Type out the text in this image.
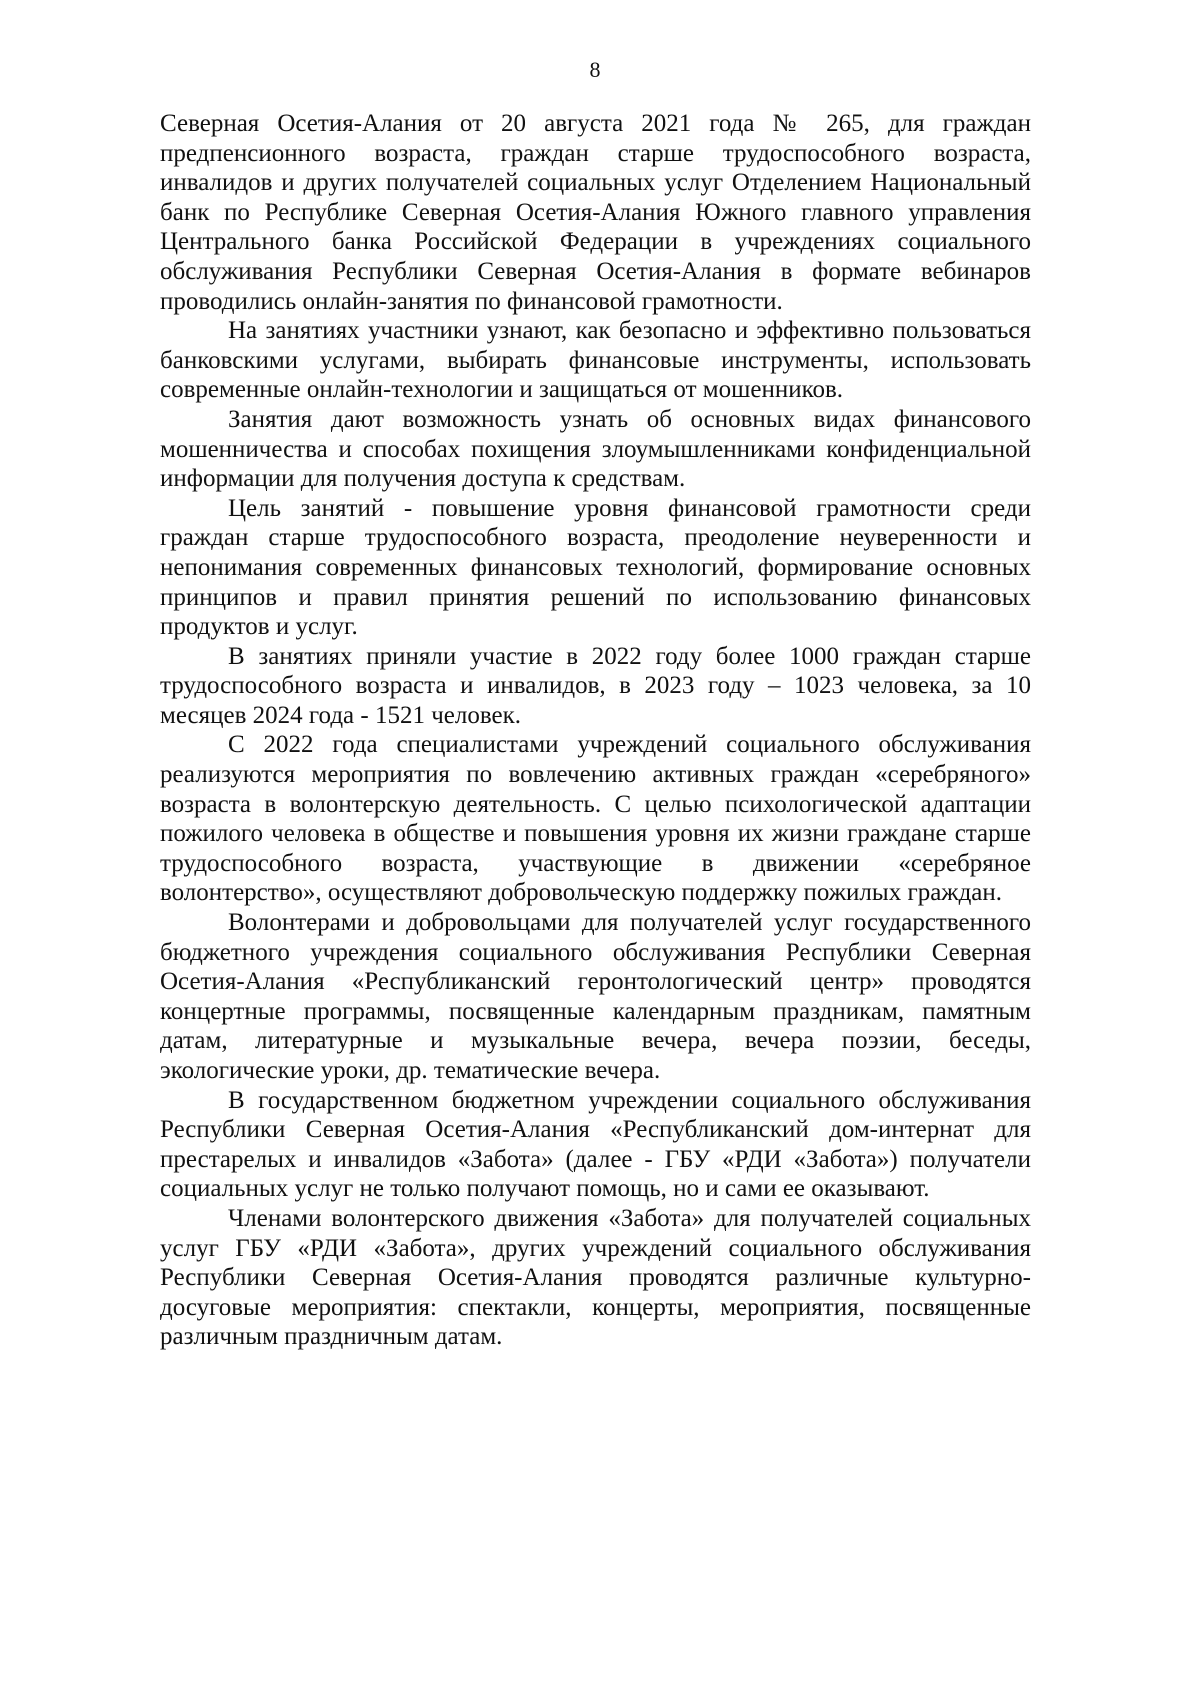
8

Северная Осетия-Алания от 20 августа 2021 года № 265, для граждан предпенсионного возраста, граждан старше трудоспособного возраста, инвалидов и других получателей социальных услуг Отделением Национальный банк по Республике Северная Осетия-Алания Южного главного управления Центрального банка Российской Федерации в учреждениях социального обслуживания Республики Северная Осетия-Алания в формате вебинаров проводились онлайн-занятия по финансовой грамотности.

На занятиях участники узнают, как безопасно и эффективно пользоваться банковскими услугами, выбирать финансовые инструменты, использовать современные онлайн-технологии и защищаться от мошенников.

Занятия дают возможность узнать об основных видах финансового мошенничества и способах похищения злоумышленниками конфиденциальной информации для получения доступа к средствам.

Цель занятий - повышение уровня финансовой грамотности среди граждан старше трудоспособного возраста, преодоление неуверенности и непонимания современных финансовых технологий, формирование основных принципов и правил принятия решений по использованию финансовых продуктов и услуг.

В занятиях приняли участие в 2022 году более 1000 граждан старше трудоспособного возраста и инвалидов, в 2023 году – 1023 человека, за 10 месяцев 2024 года - 1521 человек.

С 2022 года специалистами учреждений социального обслуживания реализуются мероприятия по вовлечению активных граждан «серебряного» возраста в волонтерскую деятельность. С целью психологической адаптации пожилого человека в обществе и повышения уровня их жизни граждане старше трудоспособного возраста, участвующие в движении «серебряное волонтерство», осуществляют добровольческую поддержку пожилых граждан.

Волонтерами и добровольцами для получателей услуг государственного бюджетного учреждения социального обслуживания Республики Северная Осетия-Алания «Республиканский геронтологический центр» проводятся концертные программы, посвященные календарным праздникам, памятным датам, литературные и музыкальные вечера, вечера поэзии, беседы, экологические уроки, др. тематические вечера.

В государственном бюджетном учреждении социального обслуживания Республики Северная Осетия-Алания «Республиканский дом-интернат для престарелых и инвалидов «Забота» (далее - ГБУ «РДИ «Забота») получатели социальных услуг не только получают помощь, но и сами ее оказывают.

Членами волонтерского движения «Забота» для получателей социальных услуг ГБУ «РДИ «Забота», других учреждений социального обслуживания Республики Северная Осетия-Алания проводятся различные культурно-досуговые мероприятия: спектакли, концерты, мероприятия, посвященные различным праздничным датам.
